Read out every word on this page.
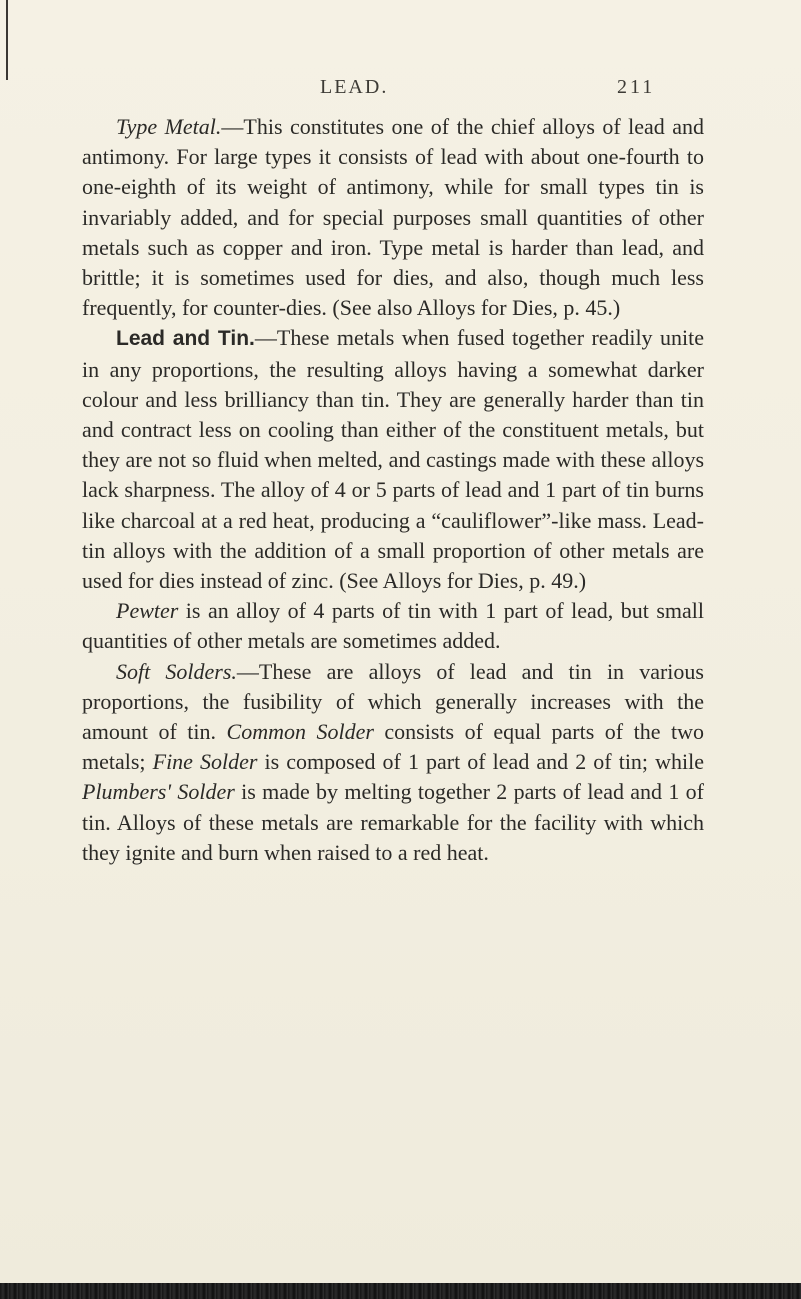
LEAD.	211

Type Metal.—This constitutes one of the chief alloys of lead and antimony. For large types it consists of lead with about one-fourth to one-eighth of its weight of antimony, while for small types tin is invariably added, and for special purposes small quantities of other metals such as copper and iron. Type metal is harder than lead, and brittle; it is sometimes used for dies, and also, though much less frequently, for counter-dies. (See also Alloys for Dies, p. 45.)

Lead and Tin.—These metals when fused together readily unite in any proportions, the resulting alloys having a somewhat darker colour and less brilliancy than tin. They are generally harder than tin and contract less on cooling than either of the constituent metals, but they are not so fluid when melted, and castings made with these alloys lack sharpness. The alloy of 4 or 5 parts of lead and 1 part of tin burns like charcoal at a red heat, producing a “cauliflower”-like mass. Lead-tin alloys with the addition of a small proportion of other metals are used for dies instead of zinc. (See Alloys for Dies, p. 49.)

Pewter is an alloy of 4 parts of tin with 1 part of lead, but small quantities of other metals are sometimes added.

Soft Solders.—These are alloys of lead and tin in various proportions, the fusibility of which generally increases with the amount of tin. Common Solder consists of equal parts of the two metals; Fine Solder is composed of 1 part of lead and 2 of tin; while Plumbers' Solder is made by melting together 2 parts of lead and 1 of tin. Alloys of these metals are remarkable for the facility with which they ignite and burn when raised to a red heat.
